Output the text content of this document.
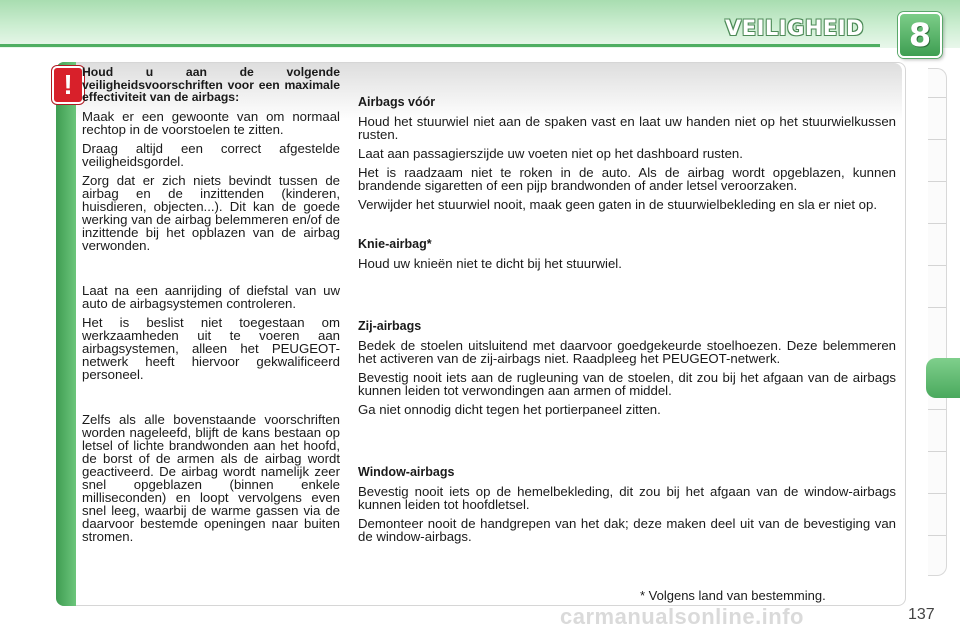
VEILIGHEID	8
! Houd u aan de volgende veiligheidsvoorschriften voor een maximale effectiviteit van de airbags:

Maak er een gewoonte van om normaal rechtop in de voorstoelen te zitten.

Draag altijd een correct afgestelde veiligheidsgordel.

Zorg dat er zich niets bevindt tussen de airbag en de inzittenden (kinderen, huisdieren, objecten...). Dit kan de goede werking van de airbag belemmeren en/of de inzittende bij het opblazen van de airbag verwonden.

Laat na een aanrijding of diefstal van uw auto de airbagsystemen controleren.

Het is beslist niet toegestaan om werkzaamheden uit te voeren aan airbagsystemen, alleen het PEUGEOT-netwerk heeft hiervoor gekwalificeerd personeel.

Zelfs als alle bovenstaande voorschriften worden nageleefd, blijft de kans bestaan op letsel of lichte brandwonden aan het hoofd, de borst of de armen als de airbag wordt geactiveerd. De airbag wordt namelijk zeer snel opgeblazen (binnen enkele milliseconden) en loopt vervolgens even snel leeg, waarbij de warme gassen via de daarvoor bestemde openingen naar buiten stromen.

Airbags vóór

Houd het stuurwiel niet aan de spaken vast en laat uw handen niet op het stuurwielkussen rusten.

Laat aan passagierszijde uw voeten niet op het dashboard rusten.

Het is raadzaam niet te roken in de auto. Als de airbag wordt opgeblazen, kunnen brandende sigaretten of een pijp brandwonden of ander letsel veroorzaken.

Verwijder het stuurwiel nooit, maak geen gaten in de stuurwielbekleding en sla er niet op.

Knie-airbag*

Houd uw knieën niet te dicht bij het stuurwiel.

Zij-airbags

Bedek de stoelen uitsluitend met daarvoor goedgekeurde stoelhoezen. Deze belemmeren het activeren van de zij-airbags niet. Raadpleeg het PEUGEOT-netwerk.

Bevestig nooit iets aan de rugleuning van de stoelen, dit zou bij het afgaan van de airbags kunnen leiden tot verwondingen aan armen of middel.

Ga niet onnodig dicht tegen het portierpaneel zitten.

Window-airbags

Bevestig nooit iets op de hemelbekleding, dit zou bij het afgaan van de window-airbags kunnen leiden tot hoofdletsel.

Demonteer nooit de handgrepen van het dak; deze maken deel uit van de bevestiging van de window-airbags.

* Volgens land van bestemming.
carmanualsonline.info	137
